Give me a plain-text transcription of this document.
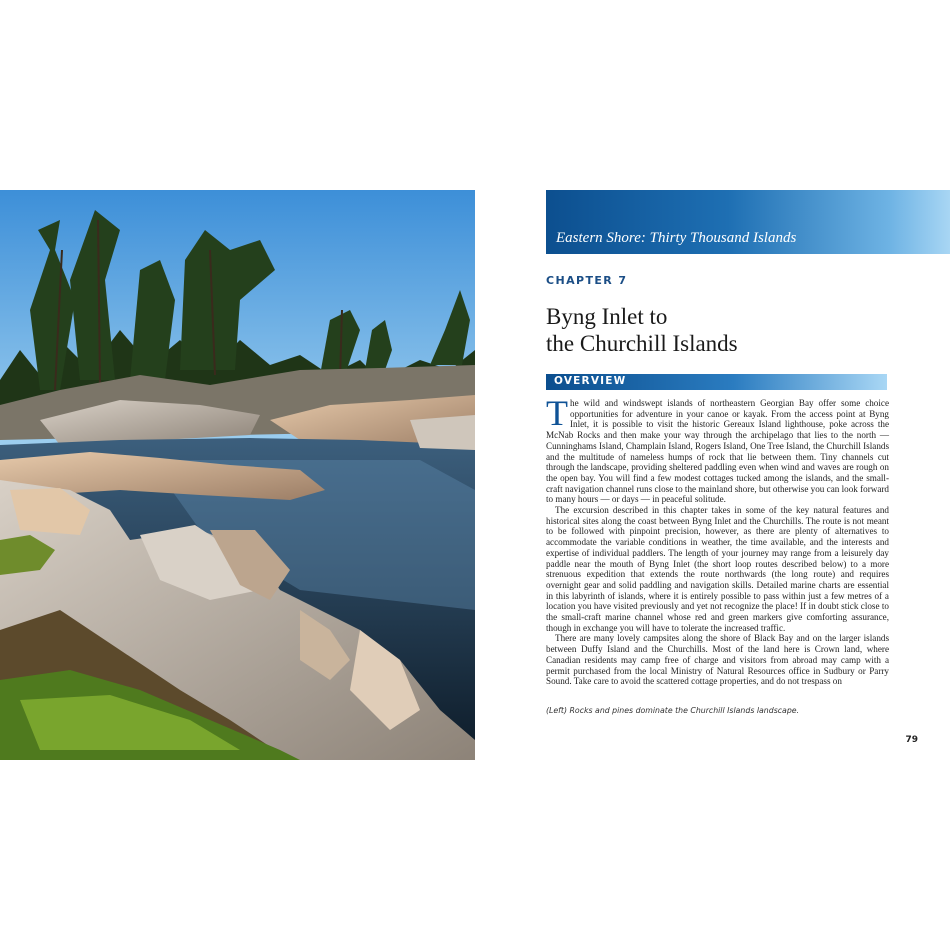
Eastern Shore: Thirty Thousand Islands
CHAPTER 7
Byng Inlet to
the Churchill Islands
OVERVIEW

The wild and windswept islands of northeastern Georgian Bay offer some choice opportunities for adventure in your canoe or kayak. From the access point at Byng Inlet, it is possible to visit the historic Gereaux Island lighthouse, poke across the McNab Rocks and then make your way through the archipelago that lies to the north — Cunninghams Island, Champlain Island, Rogers Island, One Tree Island, the Churchill Islands and the multitude of nameless humps of rock that lie between them. Tiny channels cut through the landscape, providing sheltered paddling even when wind and waves are rough on the open bay. You will find a few modest cottages tucked among the islands, and the small-craft navigation channel runs close to the mainland shore, but otherwise you can look forward to many hours — or days — in peaceful solitude.

The excursion described in this chapter takes in some of the key natural features and historical sites along the coast between Byng Inlet and the Churchills. The route is not meant to be followed with pinpoint precision, however, as there are plenty of alternatives to accommodate the variable conditions in weather, the time available, and the interests and expertise of individual paddlers. The length of your journey may range from a leisurely day paddle near the mouth of Byng Inlet (the short loop routes described below) to a more strenuous expedition that extends the route northwards (the long route) and requires overnight gear and solid paddling and navigation skills. Detailed marine charts are essential in this labyrinth of islands, where it is entirely possible to pass within just a few metres of a location you have visited previously and yet not recognize the place! If in doubt stick close to the small-craft marine channel whose red and green markers give comforting assurance, though in exchange you will have to tolerate the increased traffic.

There are many lovely campsites along the shore of Black Bay and on the larger islands between Duffy Island and the Churchills. Most of the land here is Crown land, where Canadian residents may camp free of charge and visitors from abroad may camp with a permit purchased from the local Ministry of Natural Resources office in Sudbury or Parry Sound. Take care to avoid the scattered cottage properties, and do not trespass on

(Left) Rocks and pines dominate the Churchill Islands landscape.
79
